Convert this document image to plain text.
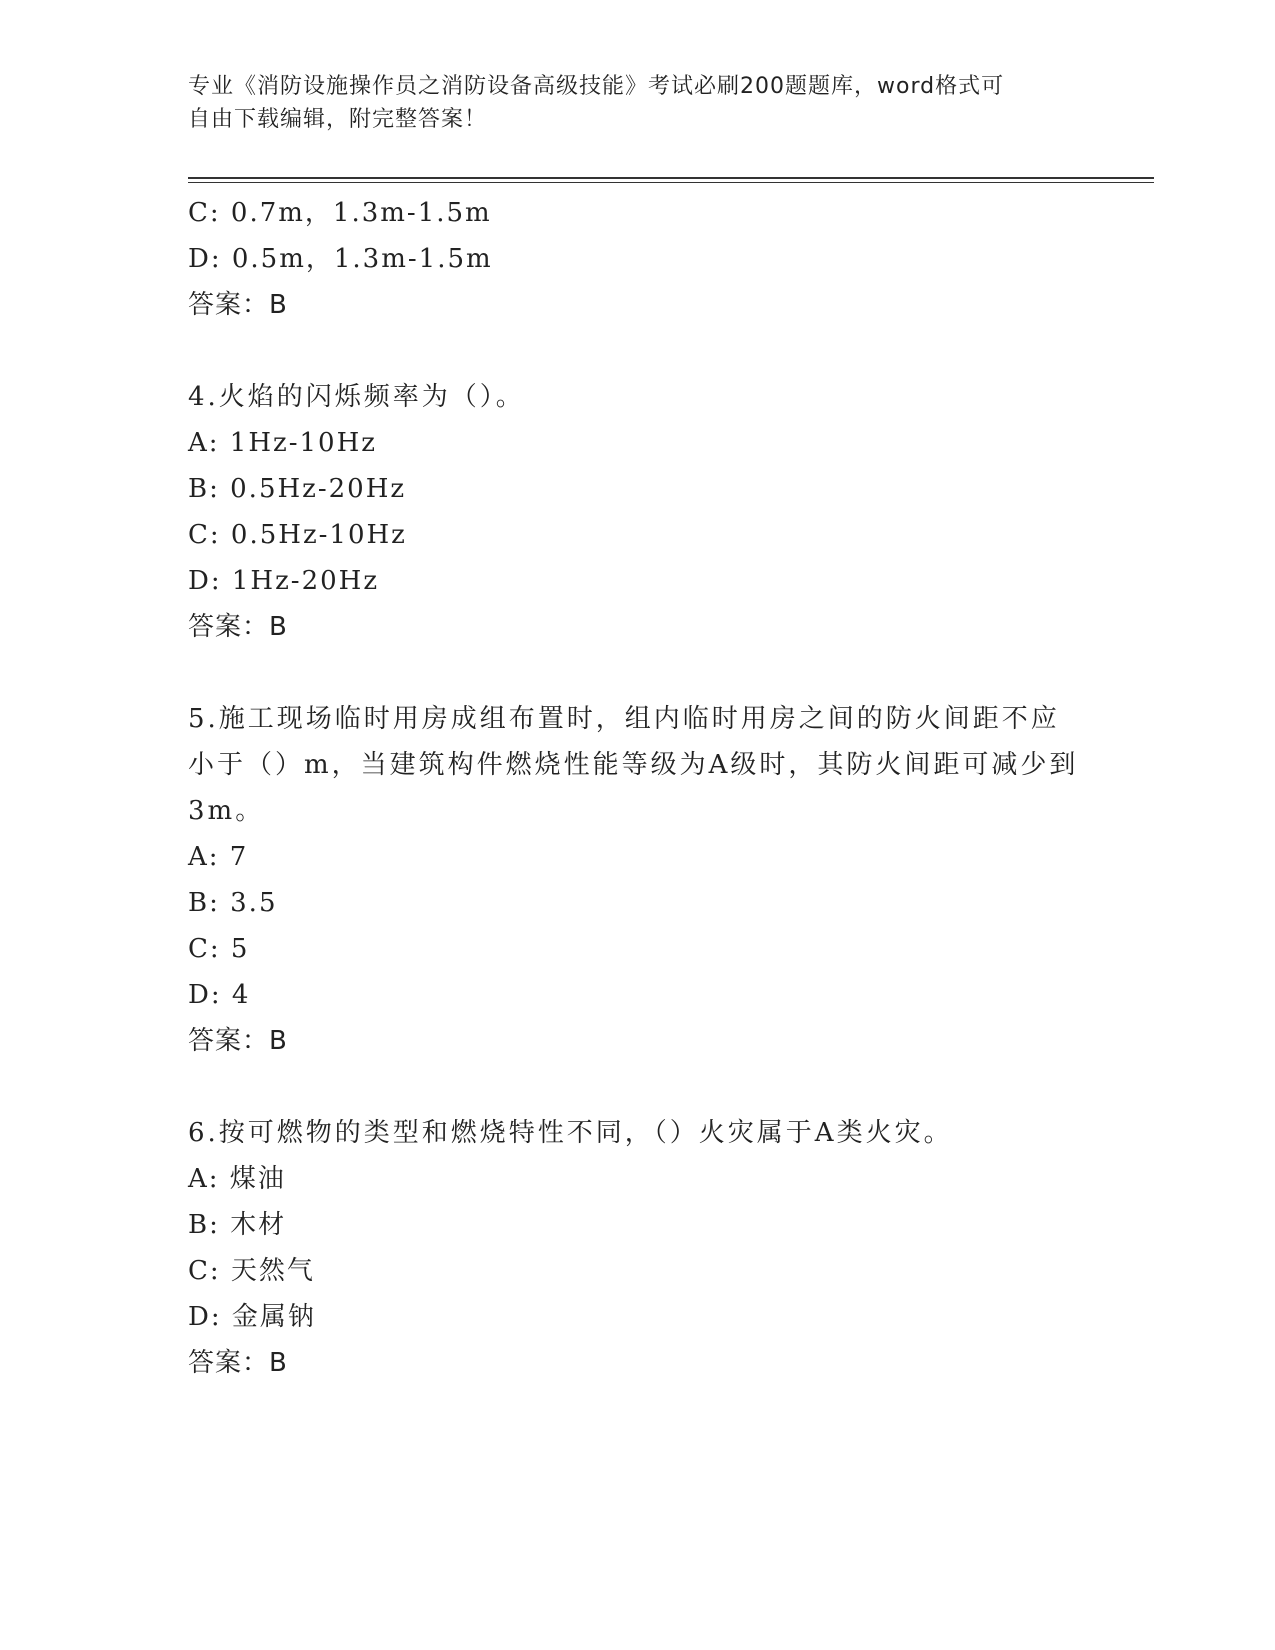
专业《消防设施操作员之消防设备高级技能》考试必刷200题题库，word格式可
自由下载编辑，附完整答案！
C: 0.7m，1.3m-1.5m
D: 0.5m，1.3m-1.5m
答案：B
4.火焰的闪烁频率为（）。
A: 1Hz-10Hz
B: 0.5Hz-20Hz
C: 0.5Hz-10Hz
D: 1Hz-20Hz
答案：B
5.施工现场临时用房成组布置时，组内临时用房之间的防火间距不应
小于（）m，当建筑构件燃烧性能等级为A级时，其防火间距可减少到
3m。
A: 7
B: 3.5
C: 5
D: 4
答案：B
6.按可燃物的类型和燃烧特性不同，（）火灾属于A类火灾。
A: 煤油
B: 木材
C: 天然气
D: 金属钠
答案：B
